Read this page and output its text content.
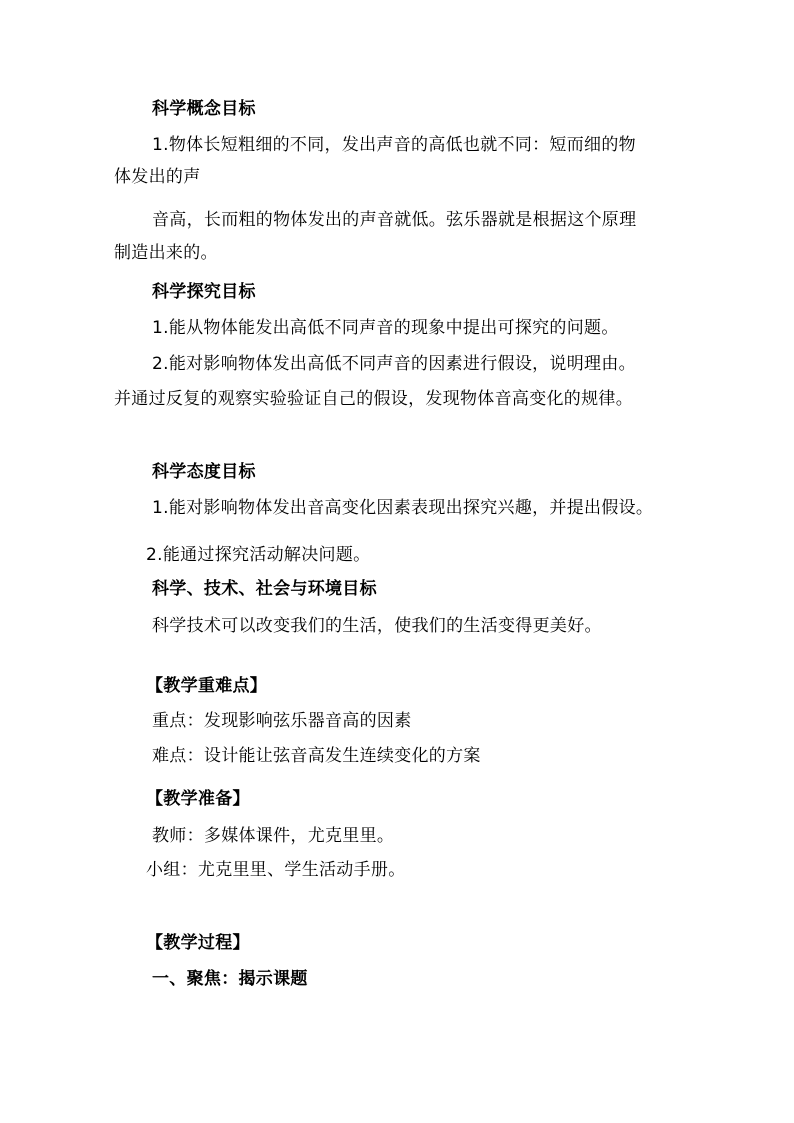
科学概念目标
1.物体长短粗细的不同，发出声音的高低也就不同：短而细的物
体发出的声
音高，长而粗的物体发出的声音就低。弦乐器就是根据这个原理
制造出来的。
科学探究目标
1.能从物体能发出高低不同声音的现象中提出可探究的问题。
2.能对影响物体发出高低不同声音的因素进行假设，说明理由。
并通过反复的观察实验验证自己的假设，发现物体音高变化的规律。
科学态度目标
1.能对影响物体发出音高变化因素表现出探究兴趣，并提出假设。
2.能通过探究活动解决问题。
科学、技术、社会与环境目标
科学技术可以改变我们的生活，使我们的生活变得更美好。
【教学重难点】
重点：发现影响弦乐器音高的因素
难点：设计能让弦音高发生连续变化的方案
【教学准备】
教师：多媒体课件，尤克里里。
小组：尤克里里、学生活动手册。
【教学过程】
一、聚焦：揭示课题
